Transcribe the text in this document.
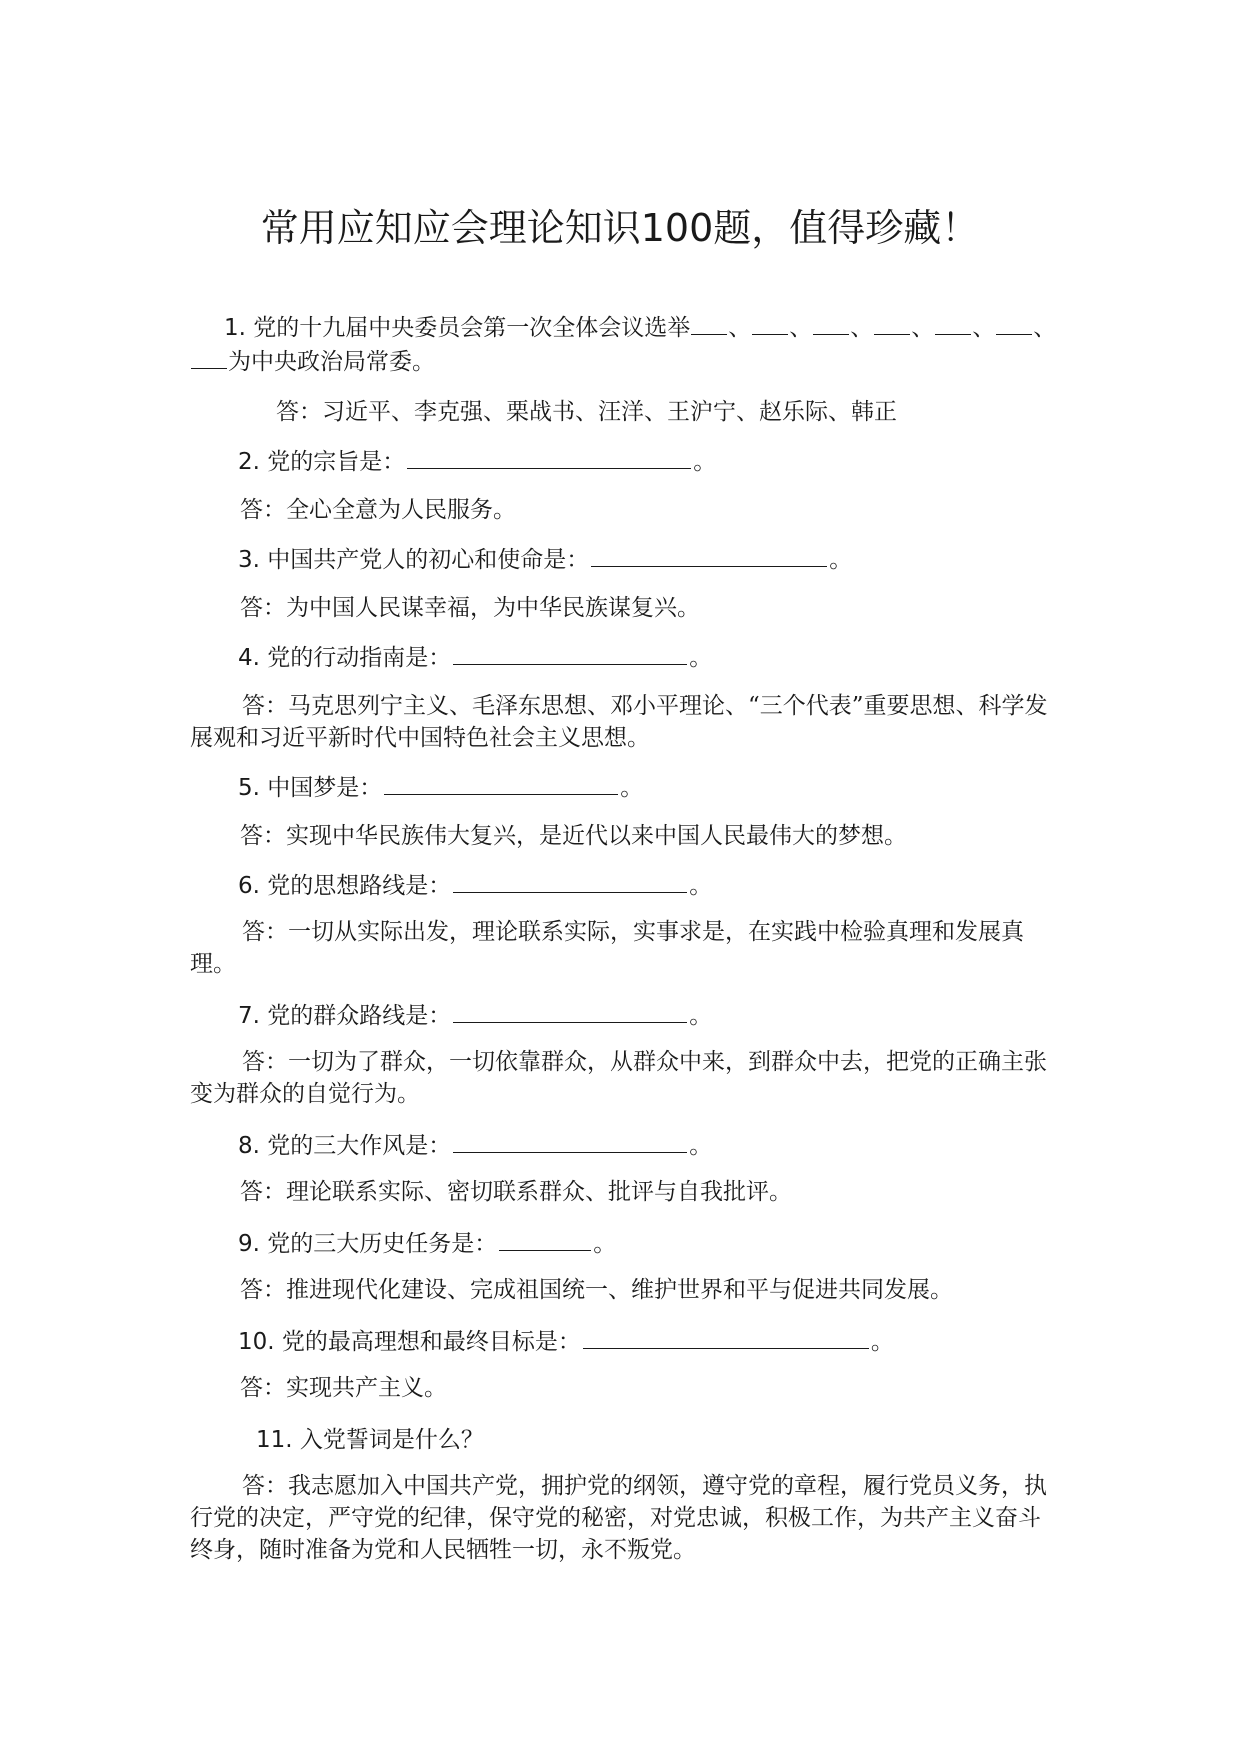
常用应知应会理论知识100题，值得珍藏！
1. 党的十九届中央委员会第一次全体会议选举 、 、 、 、 、 、
为中央政治局常委。
答：习近平、李克强、栗战书、汪洋、王沪宁、赵乐际、韩正
2. 党的宗旨是：	。
答：全心全意为人民服务。
3. 中国共产党人的初心和使命是：	。
答：为中国人民谋幸福，为中华民族谋复兴。
4. 党的行动指南是：	。
答：马克思列宁主义、毛泽东思想、邓小平理论、“三个代表”重要思想、科学发展观和习近平新时代中国特色社会主义思想。
5. 中国梦是：	。
答：实现中华民族伟大复兴，是近代以来中国人民最伟大的梦想。
6. 党的思想路线是：	。
答：一切从实际出发，理论联系实际，实事求是，在实践中检验真理和发展真理。
7. 党的群众路线是：	。
答：一切为了群众，一切依靠群众，从群众中来，到群众中去，把党的正确主张变为群众的自觉行为。
8. 党的三大作风是：	。
答：理论联系实际、密切联系群众、批评与自我批评。
9. 党的三大历史任务是：	。
答：推进现代化建设、完成祖国统一、维护世界和平与促进共同发展。
10. 党的最高理想和最终目标是：	。
答：实现共产主义。
11. 入党誓词是什么？
答：我志愿加入中国共产党，拥护党的纲领，遵守党的章程，履行党员义务，执行党的决定，严守党的纪律，保守党的秘密，对党忠诚，积极工作，为共产主义奋斗终身，随时准备为党和人民牺牲一切，永不叛党。
